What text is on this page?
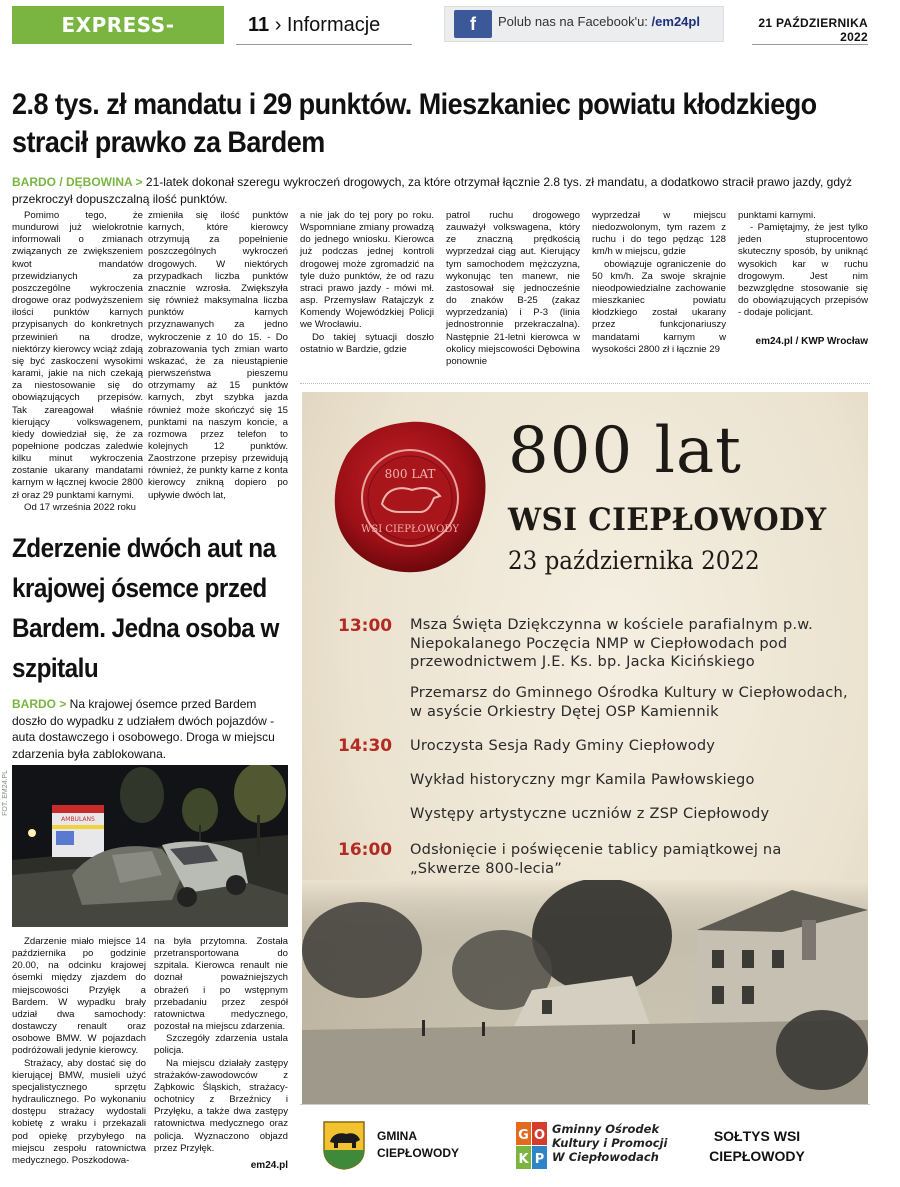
EXPRESS-MIEJSKI.PL
11 › Informacje	f	Polub nas na Facebook'u: /em24pl	21 PAŹDZIERNIKA 2022
2.8 tys. zł mandatu i 29 punktów. Mieszkaniec powiatu kłodzkiego stracił prawko za Bardem
BARDO / DĘBOWINA > 21-latek dokonał szeregu wykroczeń drogowych, za które otrzymał łącznie 2.8 tys. zł mandatu, a dodatkowo stracił prawo jazdy, gdyż przekroczył dopuszczalną ilość punktów.

Pomimo tego, że mundurowi już wielokrotnie informowali o zmianach związanych ze zwiększeniem kwot mandatów przewidzianych za poszczególne wykroczenia drogowe oraz podwyższeniem ilości punktów karnych przypisanych do konkretnych przewinień na drodze, niektórzy kierowcy wciąż zdają się być zaskoczeni wysokimi karami, jakie na nich czekają za niestosowanie się do obowiązujących przepisów. Tak zareagował właśnie kierujący volkswagenem, kiedy dowiedział się, że za popełnione podczas zaledwie kilku minut wykroczenia zostanie ukarany mandatami karnym w łącznej kwocie 2800 zł oraz 29 punktami karnymi.

Od 17 września 2022 roku

zmieniła się ilość punktów karnych, które kierowcy otrzymują za popełnienie poszczególnych wykroczeń drogowych. W niektórych przypadkach liczba punktów znacznie wzrosła. Zwiększyła się również maksymalna liczba punktów karnych przyznawanych za jedno wykroczenie z 10 do 15. - Do zobrazowania tych zmian warto wskazać, że za nieustąpienie pierwszeństwa pieszemu otrzymamy aż 15 punktów karnych, zbyt szybka jazda również może skończyć się 15 punktami na naszym koncie, a rozmowa przez telefon to kolejnych 12 punktów. Zaostrzone przepisy przewidują również, że punkty karne z konta kierowcy znikną dopiero po upływie dwóch lat,

a nie jak do tej pory po roku. Wspomniane zmiany prowadzą do jednego wniosku. Kierowca już podczas jednej kontroli drogowej może zgromadzić na tyle dużo punktów, że od razu straci prawo jazdy - mówi mł. asp. Przemysław Ratajczyk z Komendy Wojewódzkiej Policji we Wrocławiu.

Do takiej sytuacji doszło ostatnio w Bardzie, gdzie

patrol ruchu drogowego zauważył volkswagena, który ze znaczną prędkością wyprzedzał ciąg aut. Kierujący tym samochodem mężczyzna, wykonując ten manewr, nie zastosował się jednocześnie do znaków B-25 (zakaz wyprzedzania) i P-3 (linia jednostronnie przekraczalna). Następnie 21-letni kierowca w okolicy miejscowości Dębowina ponownie

wyprzedzał w miejscu niedozwolonym, tym razem z ruchu i do tego pędząc 128 km/h w miejscu, gdzie

obowiązuje ograniczenie do 50 km/h. Za swoje skrajnie nieodpowiedzialne zachowanie mieszkaniec powiatu kłodzkiego został ukarany przez funkcjonariuszy mandatami karnym w wysokości 2800 zł i łącznie 29

punktami karnymi.

- Pamiętajmy, że jest tylko jeden stuprocentowo skuteczny sposób, by uniknąć wysokich kar w ruchu drogowym. Jest nim bezwzględne stosowanie się do obowiązujących przepisów - dodaje policjant.

em24.pl / KWP Wrocław
Zderzenie dwóch aut na krajowej ósemce przed Bardem. Jedna osoba w szpitalu
BARDO > Na krajowej ósemce przed Bardem doszło do wypadku z udziałem dwóch pojazdów - auta dostawczego i osobowego. Droga w miejscu zdarzenia była zablokowana.
FOT. EM24.PL
AMBULANS

Zdarzenie miało miejsce 14 października po godzinie 20.00, na odcinku krajowej ósemki między zjazdem do miejscowości Przyłęk a Bardem. W wypadku brały udział dwa samochody: dostawczy renault oraz osobowe BMW. W pojazdach podróżowali jedynie kierowcy.

Strażacy, aby dostać się do kierującej BMW, musieli użyć specjalistycznego sprzętu hydraulicznego. Po wykonaniu dostępu strażacy wydostali kobietę z wraku i przekazali pod opiekę przybyłego na miejscu zespołu ratownictwa medycznego. Poszkodowa-

na była przytomna. Została przetransportowana do szpitala. Kierowca renault nie doznał poważniejszych obrażeń i po wstępnym przebadaniu przez zespół ratownictwa medycznego, pozostał na miejscu zdarzenia.

Szczegóły zdarzenia ustala policja.

Na miejscu działały zastępy strażaków-zawodowców z Ząbkowic Śląskich, strażacy-ochotnicy z Brzeźnicy i Przyłęku, a także dwa zastępy ratownictwa medycznego oraz policja. Wyznaczono objazd przez Przyłęk.

em24.pl
800 LAT
WSI CIEPŁOWODY
800 lat
WSI CIEPŁOWODY
23 października 2022
13:00 Msza Święta Dziękczynna w kościele parafialnym p.w. Niepokalanego Poczęcia NMP w Ciepłowodach pod przewodnictwem J.E. Ks. bp. Jacka Kicińskiego
Przemarsz do Gminnego Ośrodka Kultury w Ciepłowodach, w asyście Orkiestry Dętej OSP Kamiennik
14:30 Uroczysta Sesja Rady Gminy Ciepłowody
Wykład historyczny mgr Kamila Pawłowskiego
Występy artystyczne uczniów z ZSP Ciepłowody
16:00 Odsłonięcie i poświęcenie tablicy pamiątkowej na „Skwerze 800-lecia”
GMINA
CIEPŁOWODY
G O
K P
Gminny Ośrodek
Kultury i Promocji
W Ciepłowodach
SOŁTYS WSI
CIEPŁOWODY
